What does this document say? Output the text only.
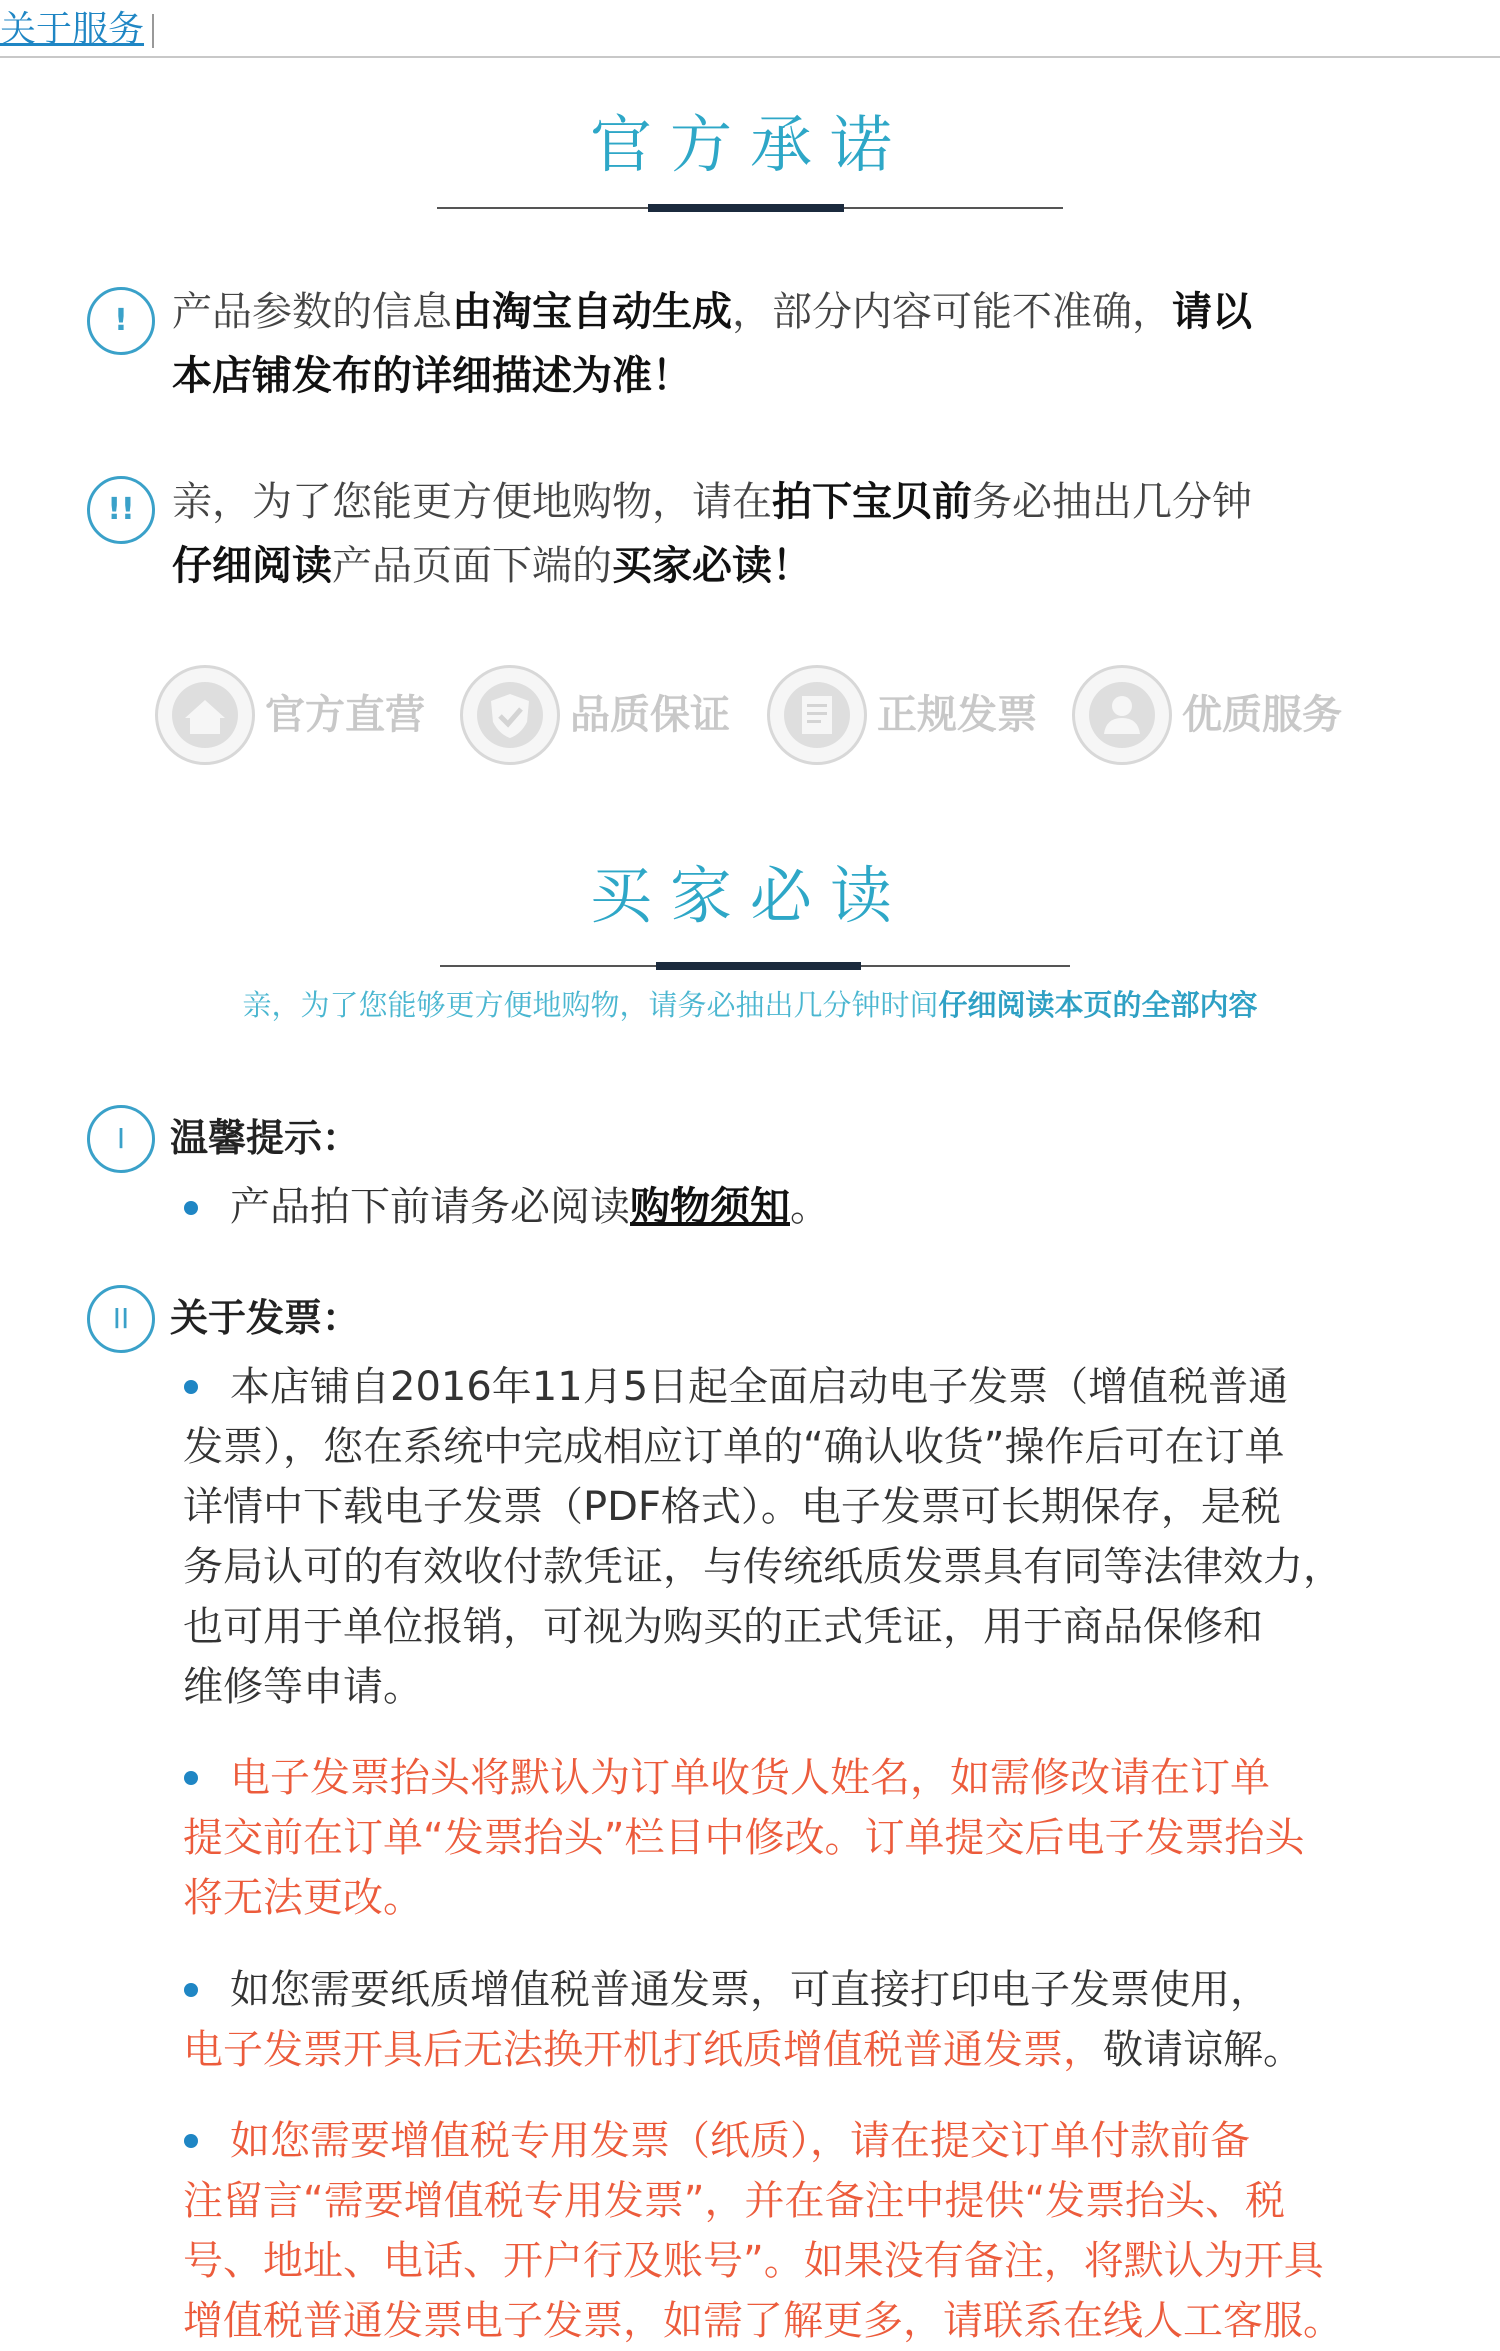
关于服务
官方承诺
!	产品参数的信息由淘宝自动生成，部分内容可能不准确，请以
本店铺发布的详细描述为准！
!! 亲，为了您能更方便地购物，请在拍下宝贝前务必抽出几分钟
仔细阅读产品页面下端的买家必读！
官方直营	品质保证	正规发票	优质服务
买家必读
亲，为了您能够更方便地购物，请务必抽出几分钟时间仔细阅读本页的全部内容
I	温馨提示：
产品拍下前请务必阅读购物须知。
II	关于发票：
本店铺自2016年11月5日起全面启动电子发票（增值税普通
发票），您在系统中完成相应订单的“确认收货”操作后可在订单
详情中下载电子发票（PDF格式）。电子发票可长期保存，是税
务局认可的有效收付款凭证，与传统纸质发票具有同等法律效力，
也可用于单位报销，可视为购买的正式凭证，用于商品保修和
维修等申请。
电子发票抬头将默认为订单收货人姓名，如需修改请在订单
提交前在订单“发票抬头”栏目中修改。订单提交后电子发票抬头
将无法更改。
如您需要纸质增值税普通发票，可直接打印电子发票使用，
电子发票开具后无法换开机打纸质增值税普通发票，敬请谅解。
如您需要增值税专用发票（纸质），请在提交订单付款前备
注留言“需要增值税专用发票”，并在备注中提供“发票抬头、税
号、地址、电话、开户行及账号”。如果没有备注，将默认为开具
增值税普通发票电子发票，如需了解更多，请联系在线人工客服。
